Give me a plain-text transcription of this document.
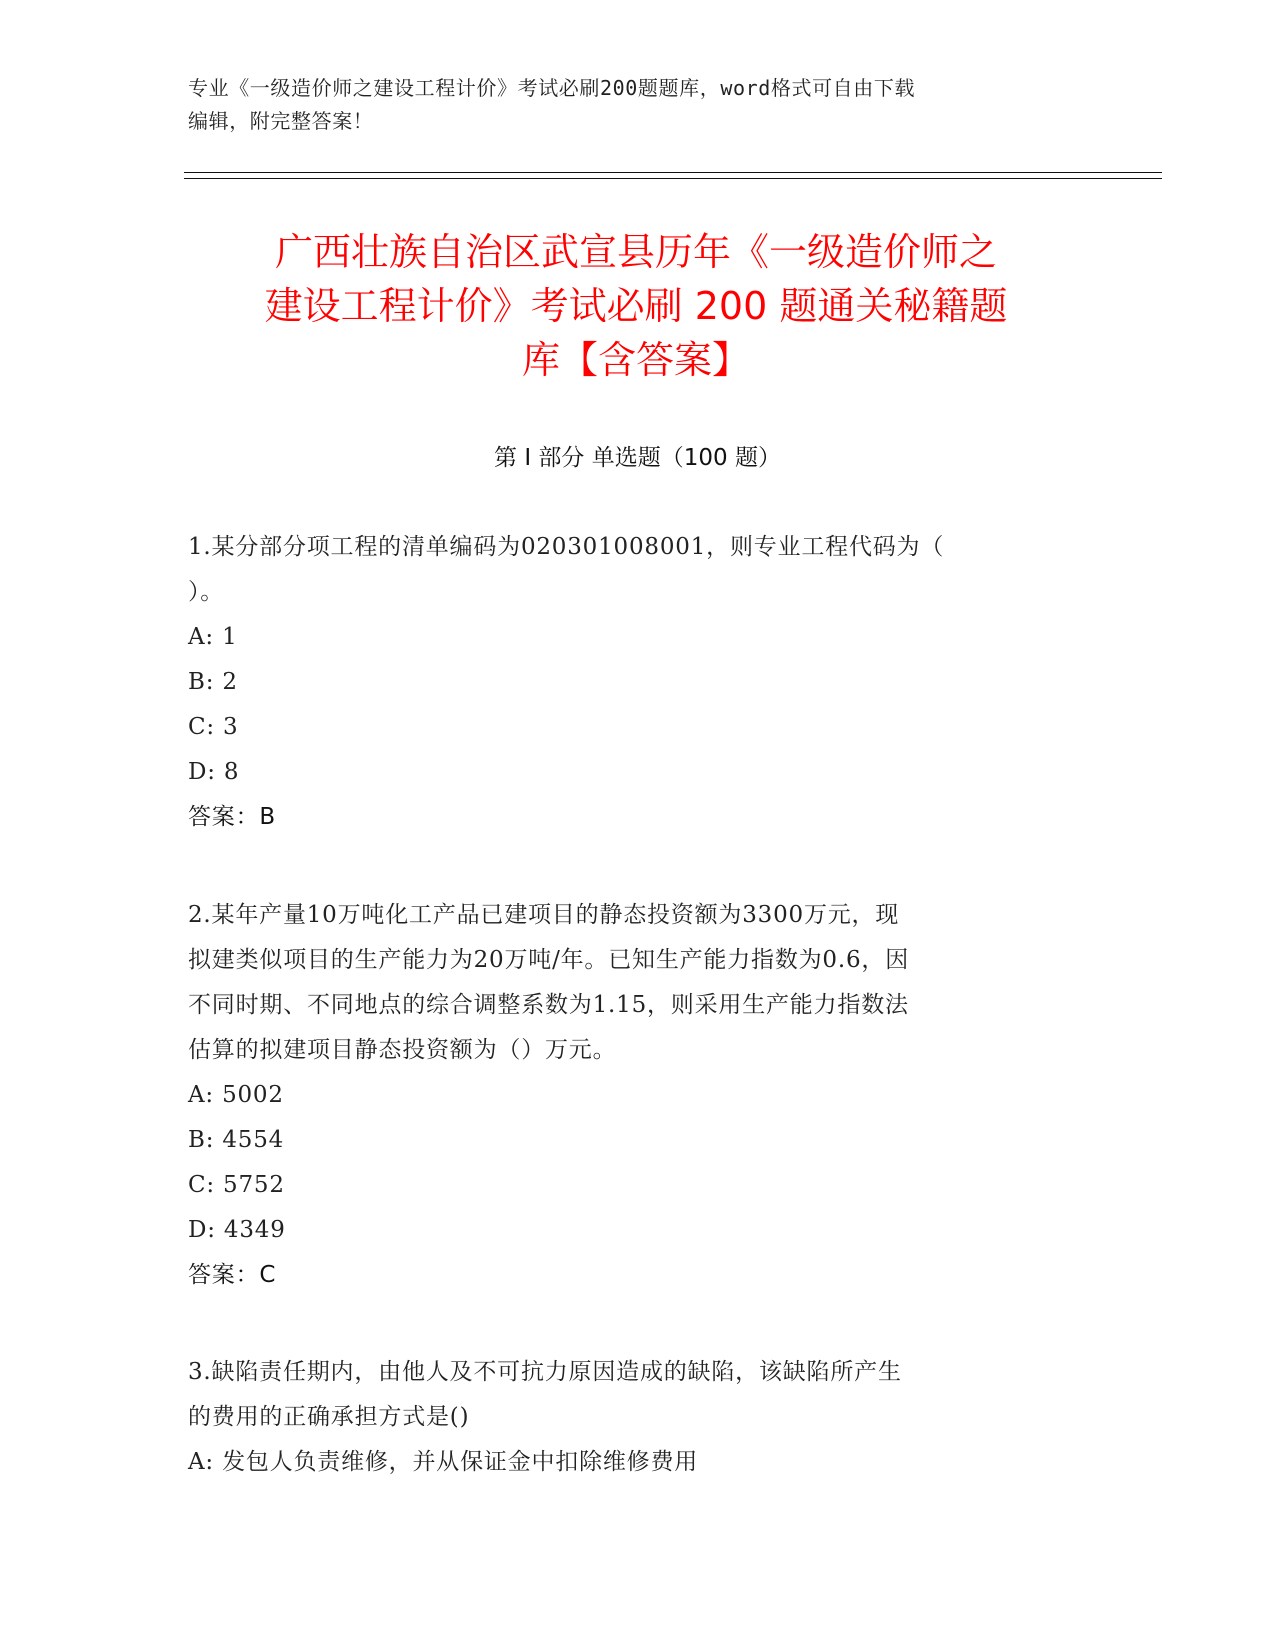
专业《一级造价师之建设工程计价》考试必刷200题题库，word格式可自由下载
编辑，附完整答案！
广西壮族自治区武宣县历年《一级造价师之
建设工程计价》考试必刷 200 题通关秘籍题
库【含答案】
第 I 部分 单选题（100 题）
1.某分部分项工程的清单编码为020301008001，则专业工程代码为（
）。
A: 1
B: 2
C: 3
D: 8
答案：B
2.某年产量10万吨化工产品已建项目的静态投资额为3300万元，现
拟建类似项目的生产能力为20万吨/年。已知生产能力指数为0.6，因
不同时期、不同地点的综合调整系数为1.15，则采用生产能力指数法
估算的拟建项目静态投资额为（）万元。
A: 5002
B: 4554
C: 5752
D: 4349
答案：C
3.缺陷责任期内，由他人及不可抗力原因造成的缺陷，该缺陷所产生
的费用的正确承担方式是()
A: 发包人负责维修，并从保证金中扣除维修费用
